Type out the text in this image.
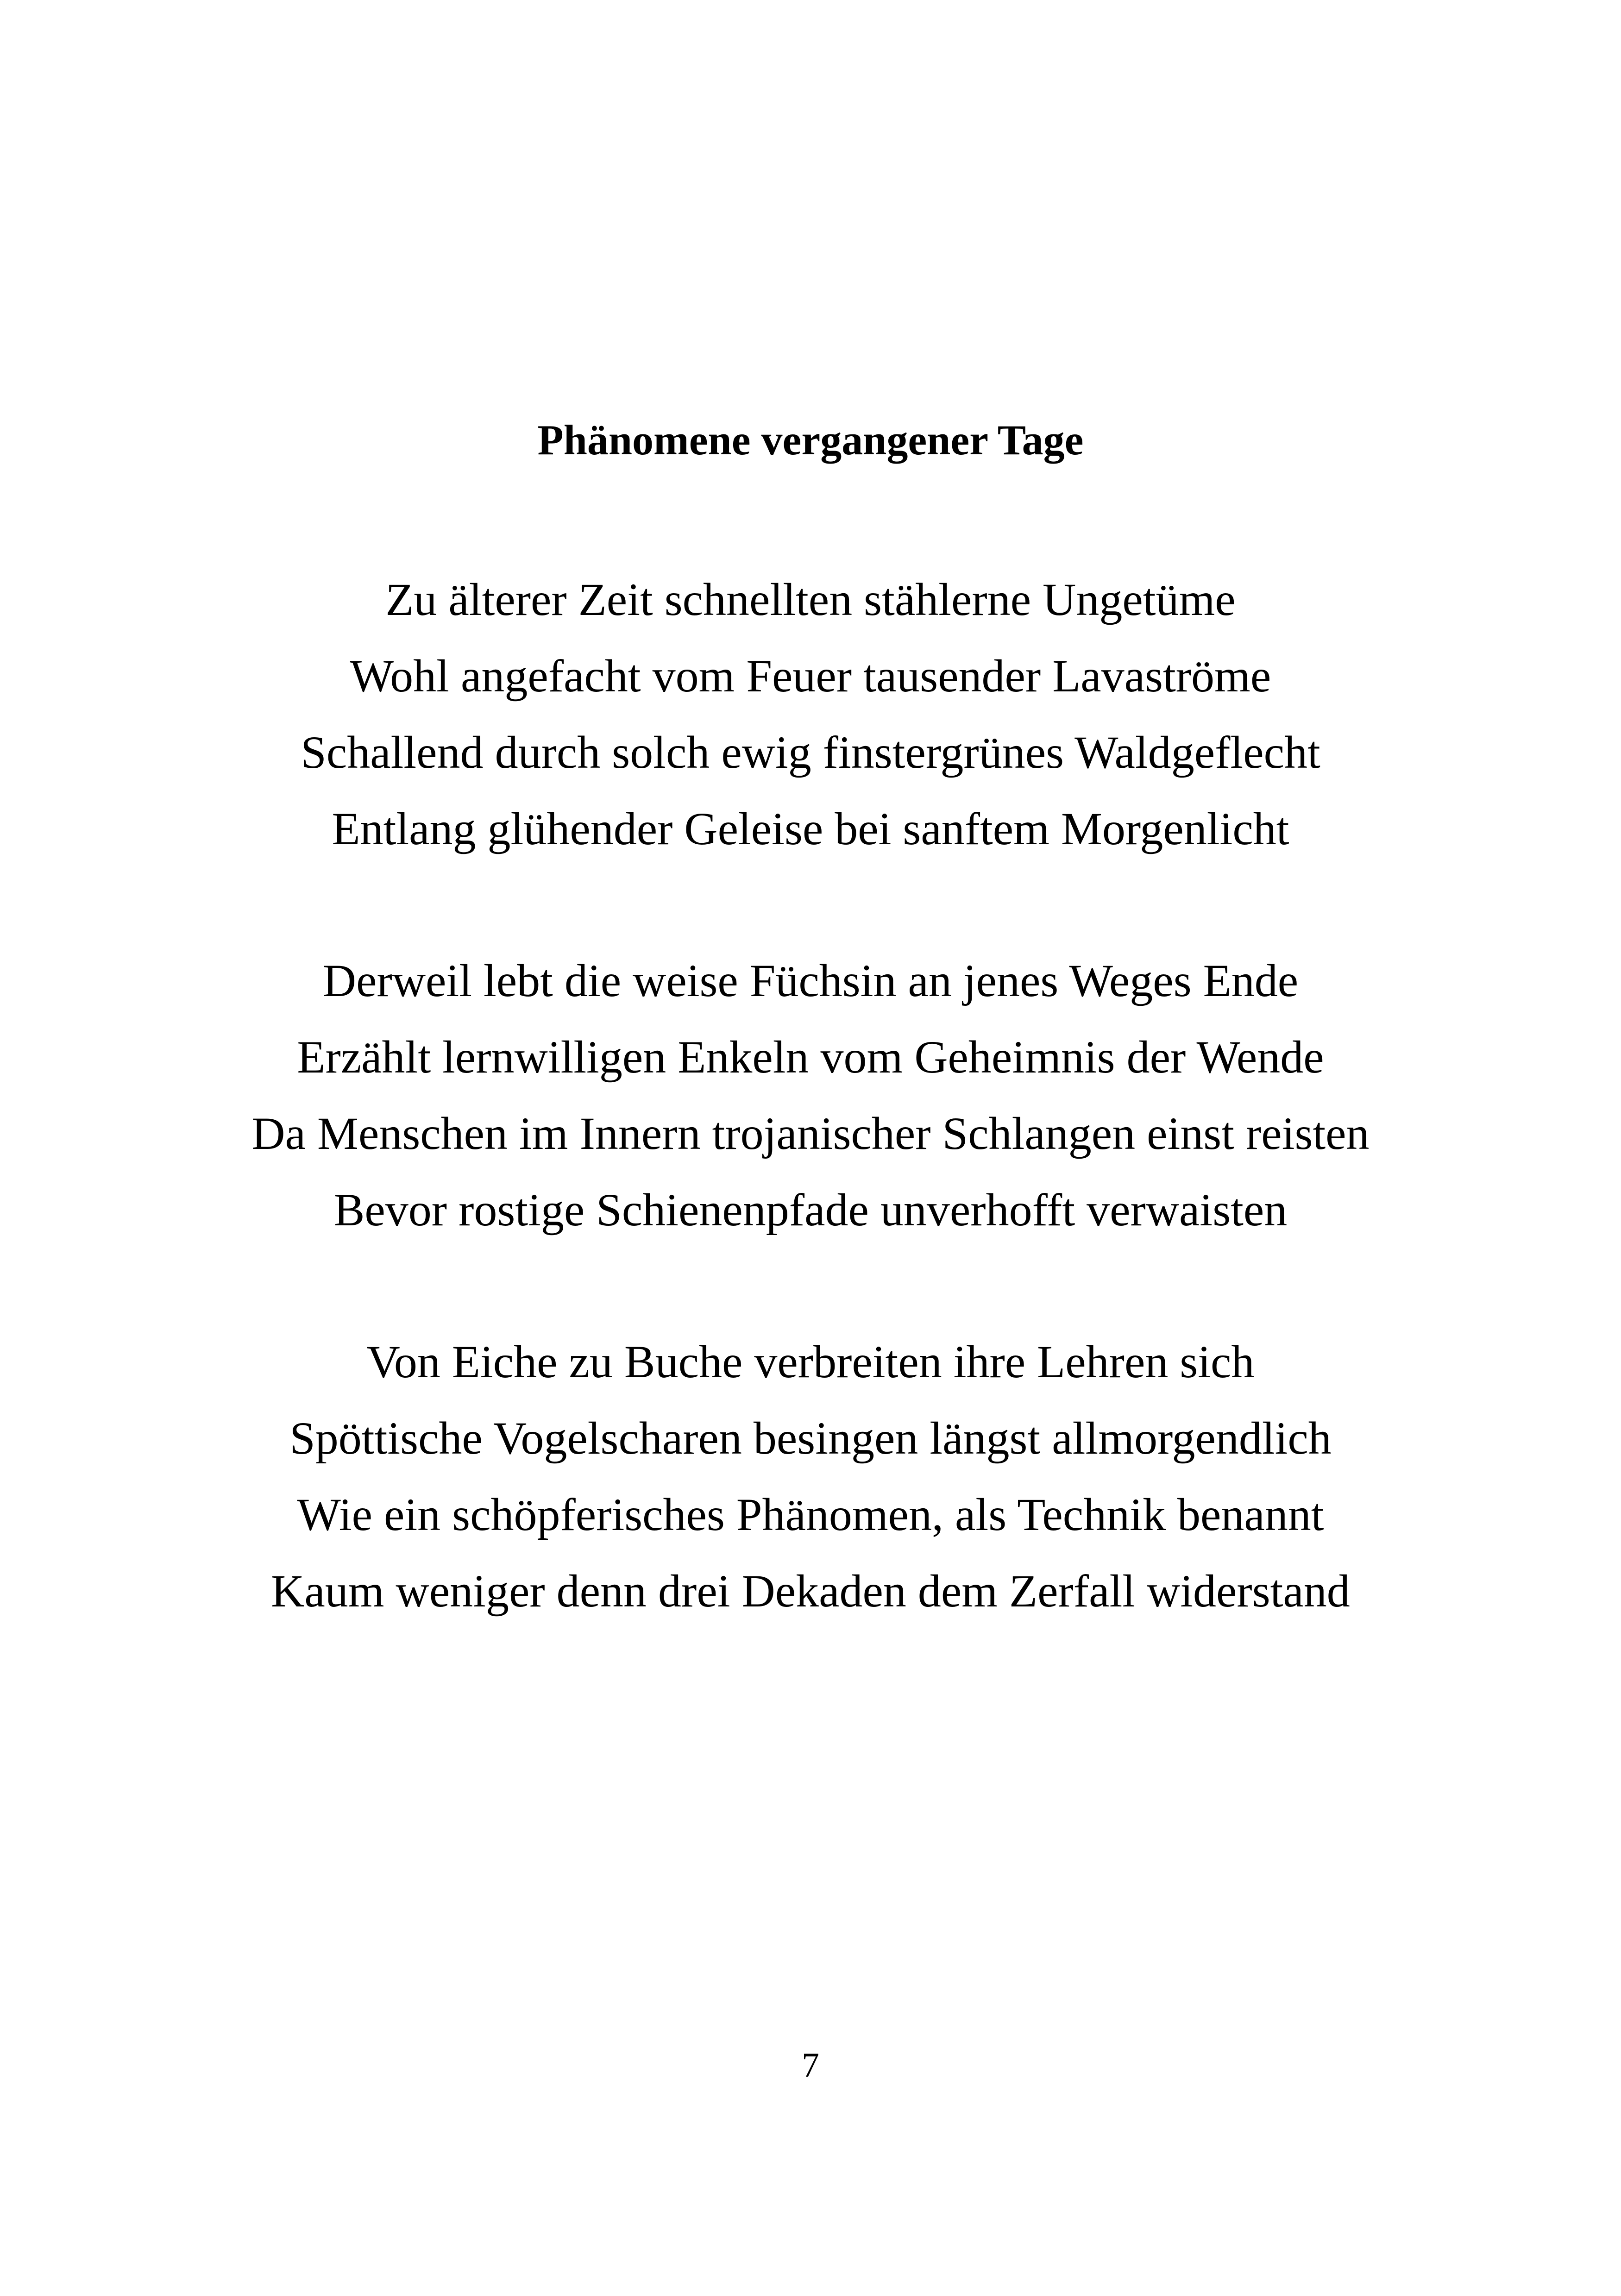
Phänomene vergangener Tage
Zu älterer Zeit schnellten stählerne Ungetüme
Wohl angefacht vom Feuer tausender Lavaströme
Schallend durch solch ewig finstergrünes Waldgeflecht
Entlang glühender Geleise bei sanftem Morgenlicht
Derweil lebt die weise Füchsin an jenes Weges Ende
Erzählt lernwilligen Enkeln vom Geheimnis der Wende
Da Menschen im Innern trojanischer Schlangen einst reisten
Bevor rostige Schienenpfade unverhofft verwaisten
Von Eiche zu Buche verbreiten ihre Lehren sich
Spöttische Vogelscharen besingen längst allmorgendlich
Wie ein schöpferisches Phänomen, als Technik benannt
Kaum weniger denn drei Dekaden dem Zerfall widerstand
7
